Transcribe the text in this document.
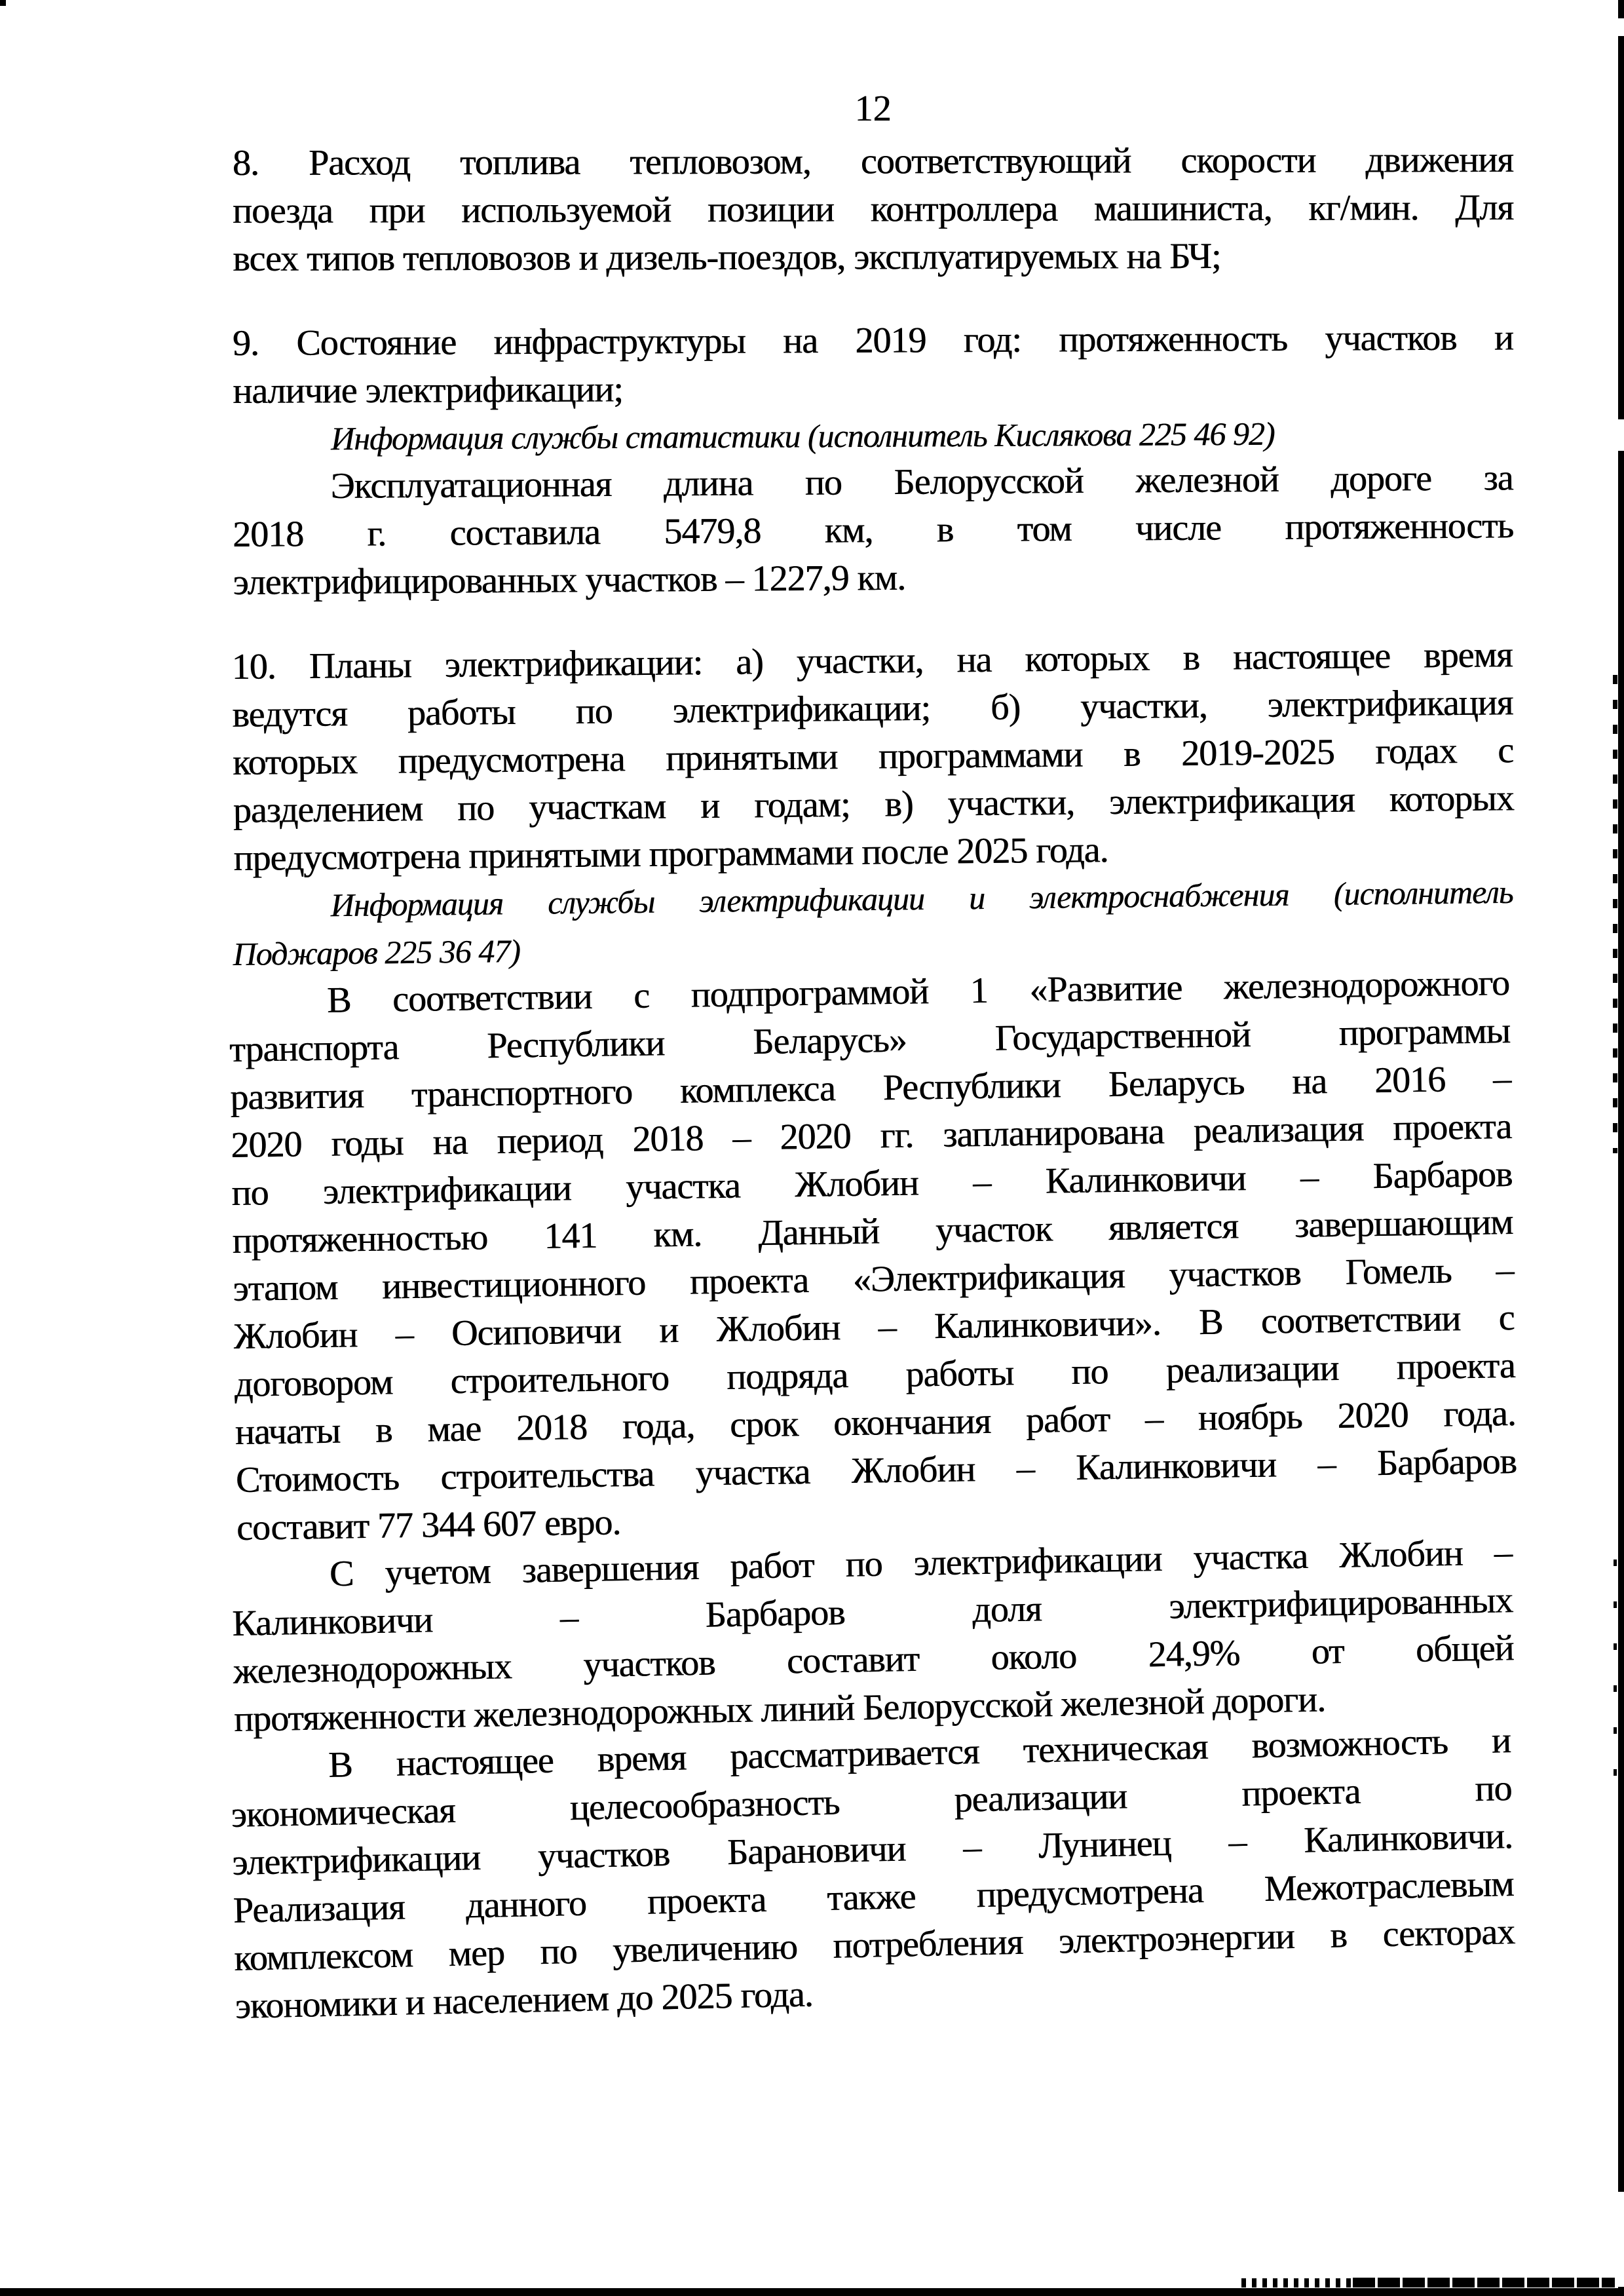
12
8. Расход топлива тепловозом, соответствующий скорости движения
поезда при используемой позиции контроллера машиниста, кг/мин. Для
всех типов тепловозов и дизель-поездов, эксплуатируемых на БЧ;
9. Состояние инфраструктуры на 2019 год: протяженность участков и
наличие электрификации;
Информация службы статистики (исполнитель Кислякова 225 46 92)
Эксплуатационная длина по Белорусской железной дороге за
2018 г. составила 5479,8 км, в том числе протяженность
электрифицированных участков – 1227,9 км.
10. Планы электрификации: а) участки, на которых в настоящее время
ведутся работы по электрификации; б) участки, электрификация
которых предусмотрена принятыми программами в 2019-2025 годах с
разделением по участкам и годам; в) участки, электрификация которых
предусмотрена принятыми программами после 2025 года.
Информация службы электрификации и электроснабжения (исполнитель
Поджаров 225 36 47)
В соответствии с подпрограммой 1 «Развитие железнодорожного
транспорта Республики Беларусь» Государственной программы
развития транспортного комплекса Республики Беларусь на 2016 –
2020 годы на период 2018 – 2020 гг. запланирована реализация проекта
по электрификации участка Жлобин – Калинковичи – Барбаров
протяженностью 141 км. Данный участок является завершающим
этапом инвестиционного проекта «Электрификация участков Гомель –
Жлобин – Осиповичи и Жлобин – Калинковичи». В соответствии с
договором строительного подряда работы по реализации проекта
начаты в мае 2018 года, срок окончания работ – ноябрь 2020 года.
Стоимость строительства участка Жлобин – Калинковичи – Барбаров
составит 77 344 607 евро.
С учетом завершения работ по электрификации участка Жлобин –
Калинковичи – Барбаров доля электрифицированных
железнодорожных участков составит около 24,9% от общей
протяженности железнодорожных линий Белорусской железной дороги.
В настоящее время рассматривается техническая возможность и
экономическая целесообразность реализации проекта по
электрификации участков Барановичи – Лунинец – Калинковичи.
Реализация данного проекта также предусмотрена Межотраслевым
комплексом мер по увеличению потребления электроэнергии в секторах
экономики и населением до 2025 года.
